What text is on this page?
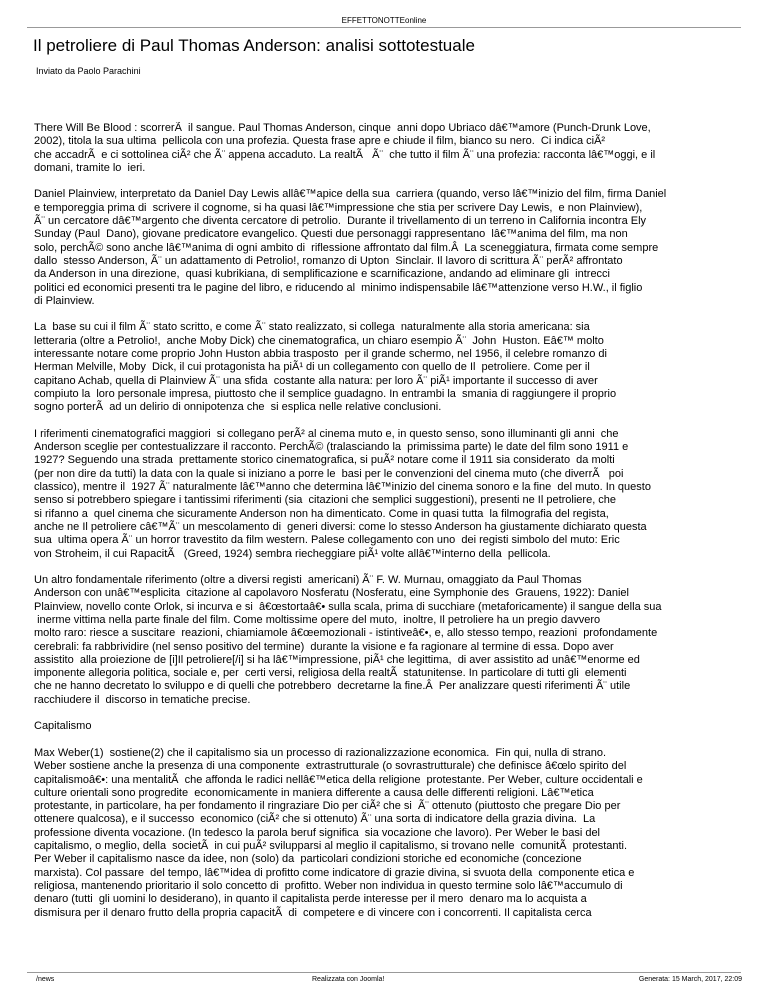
EFFETTONOTTEonline
Il petroliere di Paul Thomas Anderson: analisi sottotestuale
Inviato da Paolo Parachini

There Will Be Blood : scorrerÃ  il sangue. Paul Thomas Anderson, cinque  anni dopo Ubriaco dâ€™amore (Punch-Drunk Love,
2002), titola la sua ultima  pellicola con una profezia. Questa frase apre e chiude il film, bianco su nero.  Ci indica ciÃ²
che accadrÃ  e ci sottolinea ciÃ² che Ã¨ appena accaduto. La realtÃ   Ã¨  che tutto il film Ã¨ una profezia: racconta lâ€™oggi, e il
domani, tramite lo  ieri.

Daniel Plainview, interpretato da Daniel Day Lewis allâ€™apice della sua  carriera (quando, verso lâ€™inizio del film, firma Daniel
e temporeggia prima di  scrivere il cognome, si ha quasi lâ€™impressione che stia per scrivere Day Lewis,  e non Plainview),
Ã¨ un cercatore dâ€™argento che diventa cercatore di petrolio.  Durante il trivellamento di un terreno in California incontra Ely
Sunday (Paul  Dano), giovane predicatore evangelico. Questi due personaggi rappresentano  lâ€™anima del film, ma non
solo, perchÃ© sono anche lâ€™anima di ogni ambito di  riflessione affrontato dal film.Â  La sceneggiatura, firmata come sempre
dallo  stesso Anderson, Ã¨ un adattamento di Petrolio!, romanzo di Upton  Sinclair. Il lavoro di scrittura Ã¨ perÃ² affrontato
da Anderson in una direzione,  quasi kubrikiana, di semplificazione e scarnificazione, andando ad eliminare gli  intrecci
politici ed economici presenti tra le pagine del libro, e riducendo al  minimo indispensabile lâ€™attenzione verso H.W., il figlio
di Plainview.

La  base su cui il film Ã¨ stato scritto, e come Ã¨ stato realizzato, si collega  naturalmente alla storia americana: sia
letteraria (oltre a Petrolio!,  anche Moby Dick) che cinematografica, un chiaro esempio Ã¨  John  Huston. Eâ€™ molto
interessante notare come proprio John Huston abbia trasposto  per il grande schermo, nel 1956, il celebre romanzo di
Herman Melville, Moby  Dick, il cui protagonista ha piÃ¹ di un collegamento con quello de Il  petroliere. Come per il
capitano Achab, quella di Plainview Ã¨ una sfida  costante alla natura: per loro Ã¨ piÃ¹ importante il successo di aver
compiuto la  loro personale impresa, piuttosto che il semplice guadagno. In entrambi la  smania di raggiungere il proprio
sogno porterÃ  ad un delirio di onnipotenza che  si esplica nelle relative conclusioni.

I riferimenti cinematografici maggiori  si collegano perÃ² al cinema muto e, in questo senso, sono illuminanti gli anni  che
Anderson sceglie per contestualizzare il racconto. PerchÃ© (tralasciando la  primissima parte) le date del film sono 1911 e
1927? Seguendo una strada  prettamente storico cinematografica, si puÃ² notare come il 1911 sia considerato  da molti
(per non dire da tutti) la data con la quale si iniziano a porre le  basi per le convenzioni del cinema muto (che diverrÃ   poi
classico), mentre il  1927 Ã¨ naturalmente lâ€™anno che determina lâ€™inizio del cinema sonoro e la fine  del muto. In questo
senso si potrebbero spiegare i tantissimi riferimenti (sia  citazioni che semplici suggestioni), presenti ne Il petroliere, che
si rifanno a  quel cinema che sicuramente Anderson non ha dimenticato. Come in quasi tutta  la filmografia del regista,
anche ne Il petroliere câ€™Ã¨ un mescolamento di  generi diversi: come lo stesso Anderson ha giustamente dichiarato questa
sua  ultima opera Ã¨ un horror travestito da film western. Palese collegamento con uno  dei registi simbolo del muto: Eric
von Stroheim, il cui RapacitÃ   (Greed, 1924) sembra riecheggiare piÃ¹ volte allâ€™interno della  pellicola.

Un altro fondamentale riferimento (oltre a diversi registi  americani) Ã¨ F. W. Murnau, omaggiato da Paul Thomas
Anderson con unâ€™esplicita  citazione al capolavoro Nosferatu (Nosferatu, eine Symphonie des  Grauens, 1922): Daniel
Plainview, novello conte Orlok, si incurva e si  â€œstortaâ€• sulla scala, prima di succhiare (metaforicamente) il sangue della sua
inerme vittima nella parte finale del film. Come moltissime opere del muto,  inoltre, Il petroliere ha un pregio davvero
molto raro: riesce a suscitare  reazioni, chiamiamole â€œemozionali - istintiveâ€•, e, allo stesso tempo, reazioni  profondamente
cerebrali: fa rabbrividire (nel senso positivo del termine)  durante la visione e fa ragionare al termine di essa. Dopo aver
assistito  alla proiezione de [i]Il petroliere[/i] si ha lâ€™impressione, piÃ¹ che legittima,  di aver assistito ad unâ€™enorme ed
imponente allegoria politica, sociale e, per  certi versi, religiosa della realtÃ  statunitense. In particolare di tutti gli  elementi
che ne hanno decretato lo sviluppo e di quelli che potrebbero  decretarne la fine.Â  Per analizzare questi riferimenti Ã¨ utile
racchiudere il  discorso in tematiche precise.

Capitalismo

Max Weber(1)  sostiene(2) che il capitalismo sia un processo di razionalizzazione economica.  Fin qui, nulla di strano.
Weber sostiene anche la presenza di una componente  extrastrutturale (o sovrastrutturale) che definisce â€œlo spirito del
capitalismoâ€•: una mentalitÃ  che affonda le radici nellâ€™etica della religione  protestante. Per Weber, culture occidentali e
culture orientali sono progredite  economicamente in maniera differente a causa delle differenti religioni. Lâ€™etica
protestante, in particolare, ha per fondamento il ringraziare Dio per ciÃ² che si  Ã¨ ottenuto (piuttosto che pregare Dio per
ottenere qualcosa), e il successo  economico (ciÃ² che si ottenuto) Ã¨ una sorta di indicatore della grazia divina.  La
professione diventa vocazione. (In tedesco la parola beruf significa  sia vocazione che lavoro). Per Weber le basi del
capitalismo, o meglio, della  societÃ  in cui puÃ² svilupparsi al meglio il capitalismo, si trovano nelle  comunitÃ  protestanti.
Per Weber il capitalismo nasce da idee, non (solo) da  particolari condizioni storiche ed economiche (concezione
marxista). Col passare  del tempo, lâ€™idea di profitto come indicatore di grazie divina, si svuota della  componente etica e
religiosa, mantenendo prioritario il solo concetto di  profitto. Weber non individua in questo termine solo lâ€™accumulo di
denaro (tutti  gli uomini lo desiderano), in quanto il capitalista perde interesse per il mero  denaro ma lo acquista a
dismisura per il denaro frutto della propria capacitÃ  di  competere e di vincere con i concorrenti. Il capitalista cerca

/news	Realizzata con Joomla!	Generata: 15 March, 2017, 22:09
